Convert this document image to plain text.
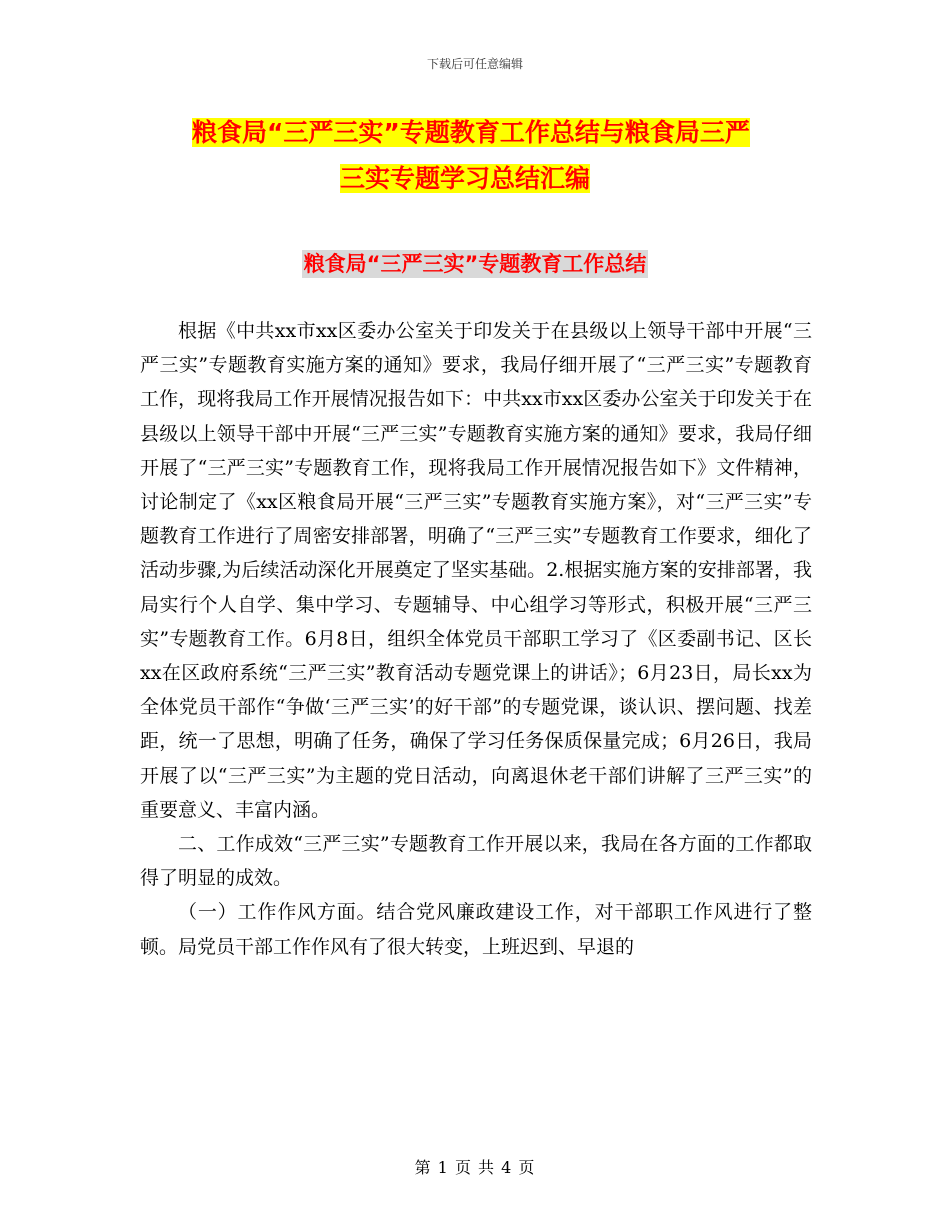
下载后可任意编辑
粮食局“三严三实”专题教育工作总结与粮食局三严
三实专题学习总结汇编
粮食局“三严三实”专题教育工作总结

根据《中共xx市xx区委办公室关于印发关于在县级以上领导干部中开展“三严三实”专题教育实施方案的通知》要求，我局仔细开展了“三严三实”专题教育工作，现将我局工作开展情况报告如下：中共xx市xx区委办公室关于印发关于在县级以上领导干部中开展“三严三实”专题教育实施方案的通知》要求，我局仔细开展了“三严三实”专题教育工作，现将我局工作开展情况报告如下》文件精神，讨论制定了《xx区粮食局开展“三严三实”专题教育实施方案》，对“三严三实”专题教育工作进行了周密安排部署，明确了“三严三实”专题教育工作要求，细化了活动步骤,为后续活动深化开展奠定了坚实基础。2.根据实施方案的安排部署，我局实行个人自学、集中学习、专题辅导、中心组学习等形式，积极开展“三严三实”专题教育工作。6月8日，组织全体党员干部职工学习了《区委副书记、区长xx在区政府系统“三严三实”教育活动专题党课上的讲话》；6月23日，局长xx为全体党员干部作“争做‘三严三实’的好干部”的专题党课，谈认识、摆问题、找差距，统一了思想，明确了任务，确保了学习任务保质保量完成；6月26日，我局开展了以“三严三实”为主题的党日活动，向离退休老干部们讲解了三严三实”的重要意义、丰富内涵。

二、工作成效“三严三实”专题教育工作开展以来，我局在各方面的工作都取得了明显的成效。

（一）工作作风方面。结合党风廉政建设工作，对干部职工作风进行了整顿。局党员干部工作作风有了很大转变，上班迟到、早退的

第 1 页 共 4 页
